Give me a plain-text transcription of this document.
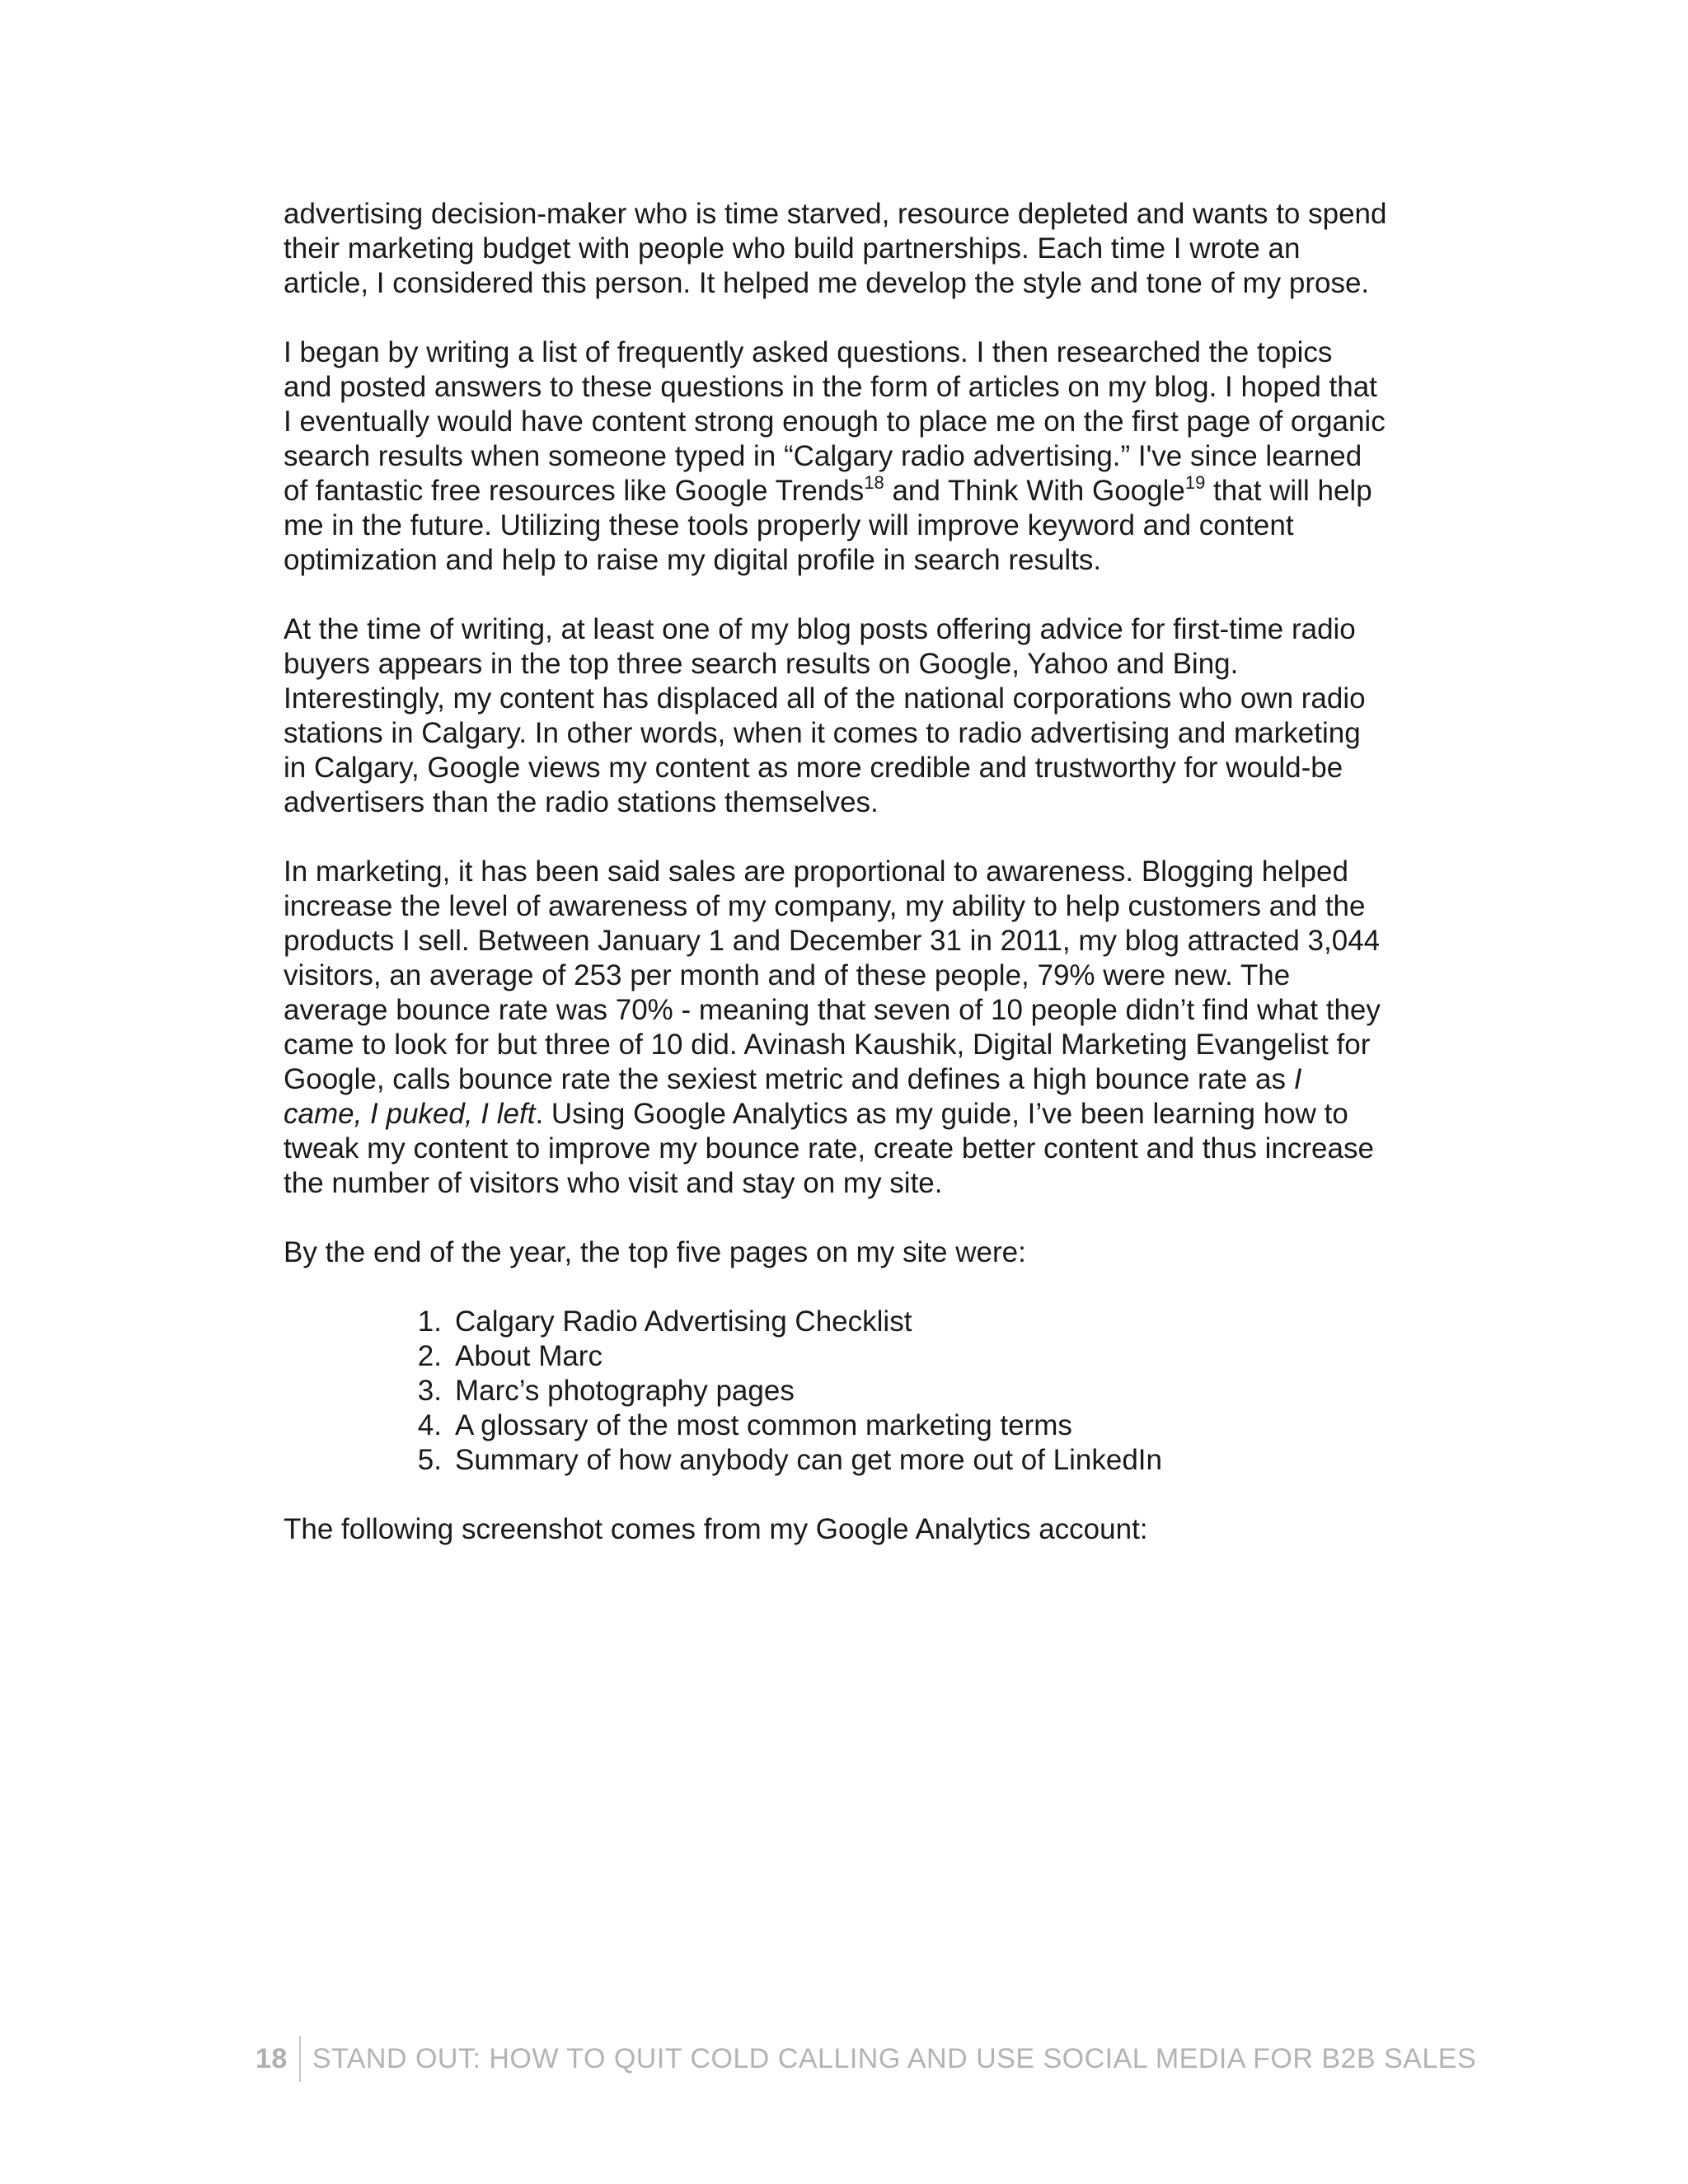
advertising decision-maker who is time starved, resource depleted and wants to spend their marketing budget with people who build partnerships. Each time I wrote an article, I considered this person. It helped me develop the style and tone of my prose.

I began by writing a list of frequently asked questions. I then researched the topics and posted answers to these questions in the form of articles on my blog. I hoped that I eventually would have content strong enough to place me on the first page of organic search results when someone typed in “Calgary radio advertising.” I've since learned of fantastic free resources like Google Trends$^{18}$ and Think With Google$^{19}$ that will help me in the future. Utilizing these tools properly will improve keyword and content optimization and help to raise my digital profile in search results.

At the time of writing, at least one of my blog posts offering advice for first-time radio buyers appears in the top three search results on Google, Yahoo and Bing. Interestingly, my content has displaced all of the national corporations who own radio stations in Calgary. In other words, when it comes to radio advertising and marketing in Calgary, Google views my content as more credible and trustworthy for would-be advertisers than the radio stations themselves.

In marketing, it has been said sales are proportional to awareness. Blogging helped increase the level of awareness of my company, my ability to help customers and the products I sell. Between January 1 and December 31 in 2011, my blog attracted 3,044 visitors, an average of 253 per month and of these people, 79% were new. The average bounce rate was 70% - meaning that seven of 10 people didn’t find what they came to look for but three of 10 did. Avinash Kaushik, Digital Marketing Evangelist for Google, calls bounce rate the sexiest metric and defines a high bounce rate as I came, I puked, I left. Using Google Analytics as my guide, I’ve been learning how to tweak my content to improve my bounce rate, create better content and thus increase the number of visitors who visit and stay on my site.

By the end of the year, the top five pages on my site were:

1. Calgary Radio Advertising Checklist
2. About Marc
3. Marc’s photography pages
4. A glossary of the most common marketing terms
5. Summary of how anybody can get more out of LinkedIn

The following screenshot comes from my Google Analytics account:

18 STAND OUT: HOW TO QUIT COLD CALLING AND USE SOCIAL MEDIA FOR B2B SALES
